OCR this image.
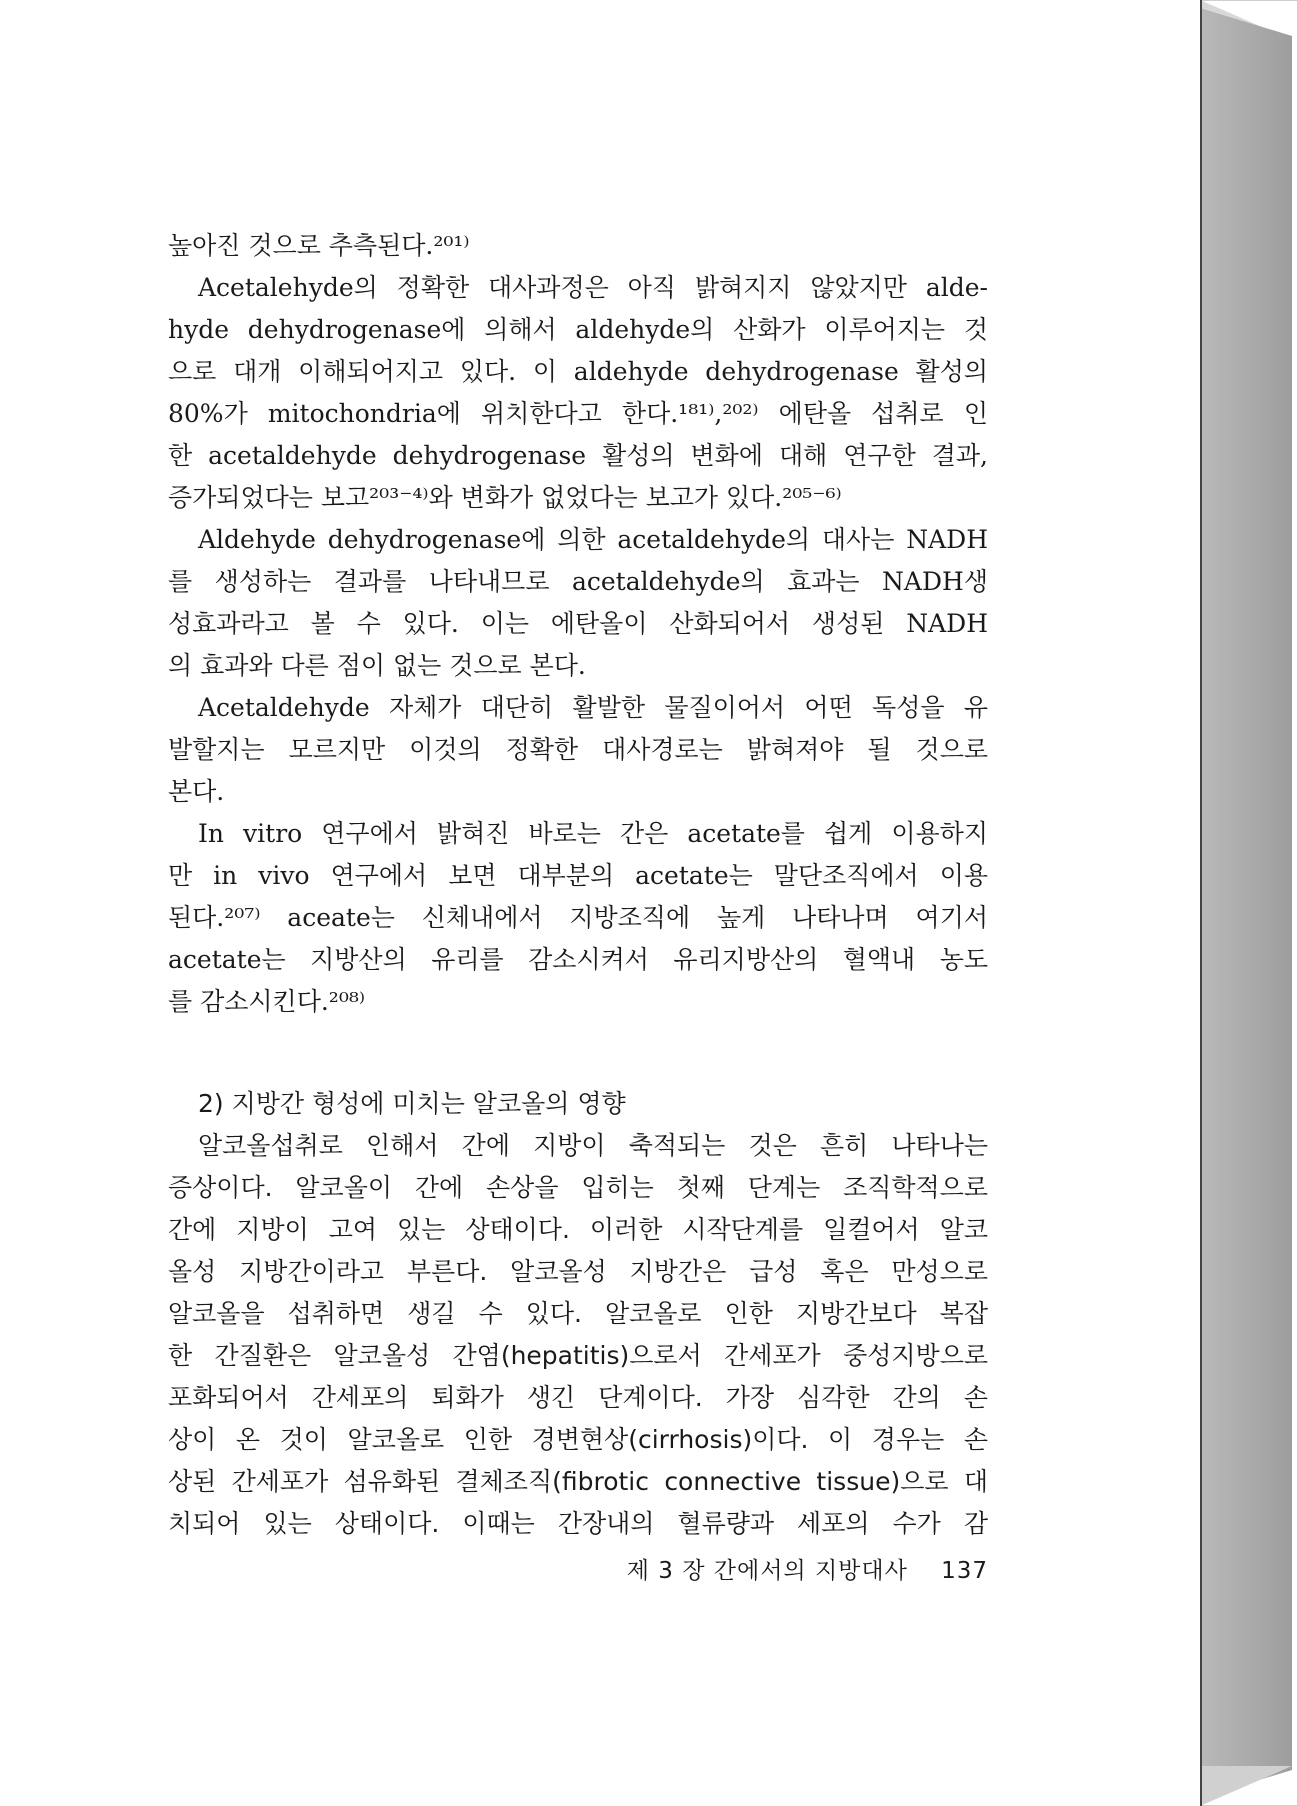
높아진 것으로 추측된다.²⁰¹⁾
Acetalehyde의 정확한 대사과정은 아직 밝혀지지 않았지만 alde-
hyde dehydrogenase에 의해서 aldehyde의 산화가 이루어지는 것
으로 대개 이해되어지고 있다. 이 aldehyde dehydrogenase 활성의
80%가 mitochondria에 위치한다고 한다.¹⁸¹⁾,²⁰²⁾ 에탄올 섭취로 인
한 acetaldehyde dehydrogenase 활성의 변화에 대해 연구한 결과,
증가되었다는 보고²⁰³⁻⁴⁾와 변화가 없었다는 보고가 있다.²⁰⁵⁻⁶⁾
Aldehyde dehydrogenase에 의한 acetaldehyde의 대사는 NADH
를 생성하는 결과를 나타내므로 acetaldehyde의 효과는 NADH생
성효과라고 볼 수 있다. 이는 에탄올이 산화되어서 생성된 NADH
의 효과와 다른 점이 없는 것으로 본다.
Acetaldehyde 자체가 대단히 활발한 물질이어서 어떤 독성을 유
발할지는 모르지만 이것의 정확한 대사경로는 밝혀져야 될 것으로
본다.
In vitro 연구에서 밝혀진 바로는 간은 acetate를 쉽게 이용하지
만 in vivo 연구에서 보면 대부분의 acetate는 말단조직에서 이용
된다.²⁰⁷⁾ aceate는 신체내에서 지방조직에 높게 나타나며 여기서
acetate는 지방산의 유리를 감소시켜서 유리지방산의 혈액내 농도
를 감소시킨다.²⁰⁸⁾
2) 지방간 형성에 미치는 알코올의 영향
알코올섭취로 인해서 간에 지방이 축적되는 것은 흔히 나타나는
증상이다. 알코올이 간에 손상을 입히는 첫째 단계는 조직학적으로
간에 지방이 고여 있는 상태이다. 이러한 시작단계를 일컬어서 알코
올성 지방간이라고 부른다. 알코올성 지방간은 급성 혹은 만성으로
알코올을 섭취하면 생길 수 있다. 알코올로 인한 지방간보다 복잡
한 간질환은 알코올성 간염(hepatitis)으로서 간세포가 중성지방으로
포화되어서 간세포의 퇴화가 생긴 단계이다. 가장 심각한 간의 손
상이 온 것이 알코올로 인한 경변현상(cirrhosis)이다. 이 경우는 손
상된 간세포가 섬유화된 결체조직(fibrotic connective tissue)으로 대
치되어 있는 상태이다. 이때는 간장내의 혈류량과 세포의 수가 감
제 3 장 간에서의 지방대사 137
